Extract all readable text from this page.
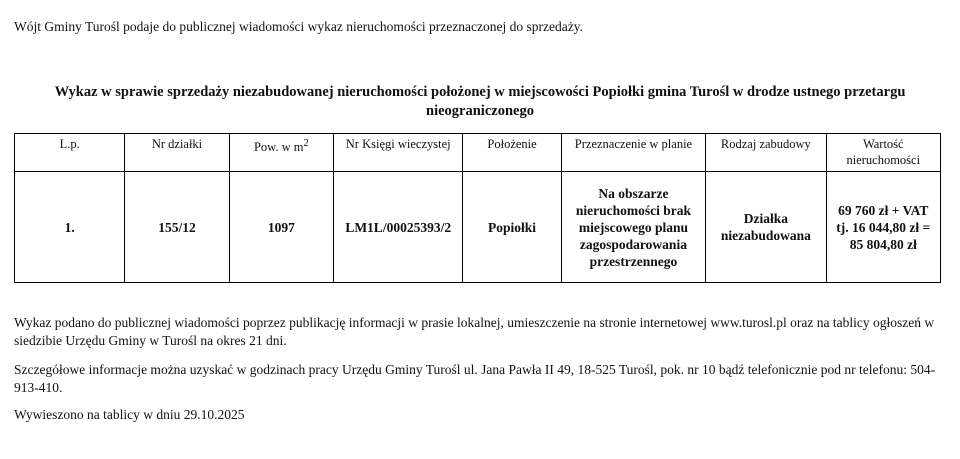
Wójt Gminy Turośl podaje do publicznej wiadomości wykaz nieruchomości przeznaczonej do sprzedaży.

Wykaz w sprawie sprzedaży niezabudowanej nieruchomości położonej w miejscowości Popiołki gmina Turośl w drodze ustnego przetargu nieograniczonego
L.p.	Nr działki	Pow. w $m^2$	Nr Księgi wieczystej	Położenie	Przeznaczenie w planie	Rodzaj zabudowy	Wartość nieruchomości
1.	155/12	1097	LM1L/00025393/2	Popiołki	Na obszarze nieruchomości brak miejscowego planu zagospodarowania przestrzennego	Działka niezabudowana	69 760 zł + VAT tj. 16 044,80 zł = 85 804,80 zł

Wykaz podano do publicznej wiadomości poprzez publikację informacji w prasie lokalnej, umieszczenie na stronie internetowej www.turosl.pl oraz na tablicy ogłoszeń w siedzibie Urzędu Gminy w Turośl na okres 21 dni.

Szczegółowe informacje można uzyskać w godzinach pracy Urzędu Gminy Turośl ul. Jana Pawła II 49, 18-525 Turośl, pok. nr 10 bądź telefonicznie pod nr telefonu: 504-913-410.

Wywieszono na tablicy w dniu 29.10.2025
